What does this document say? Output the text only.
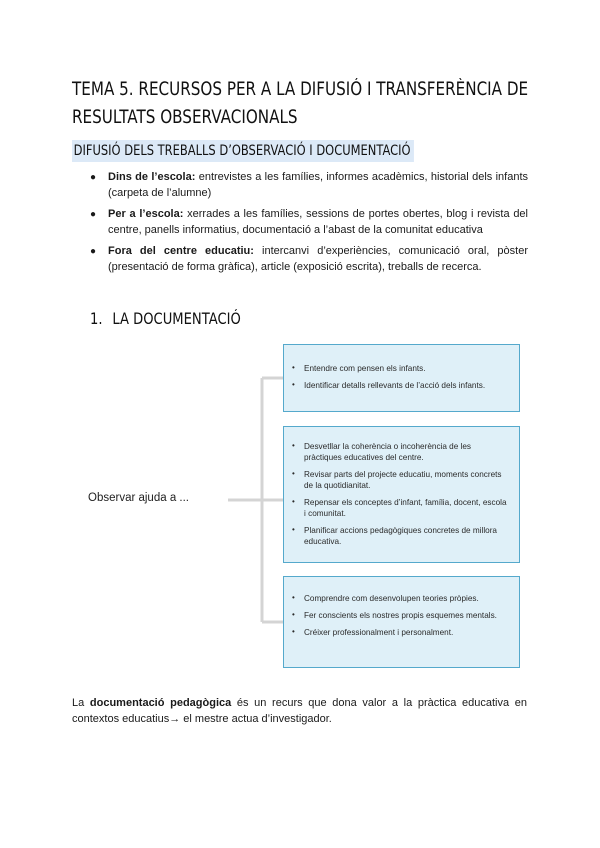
TEMA 5. RECURSOS PER A LA DIFUSIÓ I TRANSFERÈNCIA DE RESULTATS OBSERVACIONALS
DIFUSIÓ DELS TREBALLS D’OBSERVACIÓ I DOCUMENTACIÓ
● Dins de l’escola: entrevistes a les famílies, informes acadèmics, historial dels infants (carpeta de l’alumne)
● Per a l’escola: xerrades a les famílies, sessions de portes obertes, blog i revista del centre, panells informatius, documentació a l’abast de la comunitat educativa
● Fora del centre educatiu: intercanvi d’experiències, comunicació oral, pòster (presentació de forma gràfica), article (exposició escrita), treballs de recerca.
1. LA DOCUMENTACIÓ
Observar ajuda a ...
• Entendre com pensen els infants.
• Identificar detalls rellevants de l’acció dels infants.
• Desvetllar la coherència o incoherència de les pràctiques educatives del centre.
• Revisar parts del projecte educatiu, moments concrets de la quotidianitat.
• Repensar els conceptes d’infant, família, docent, escola i comunitat.
• Planificar accions pedagògiques concretes de millora educativa.
• Comprendre com desenvolupen teories pròpies.
• Fer conscients els nostres propis esquemes mentals.
• Créixer professionalment i personalment.
La documentació pedagògica és un recurs que dona valor a la pràctica educativa en contextos educatius→ el mestre actua d’investigador.
